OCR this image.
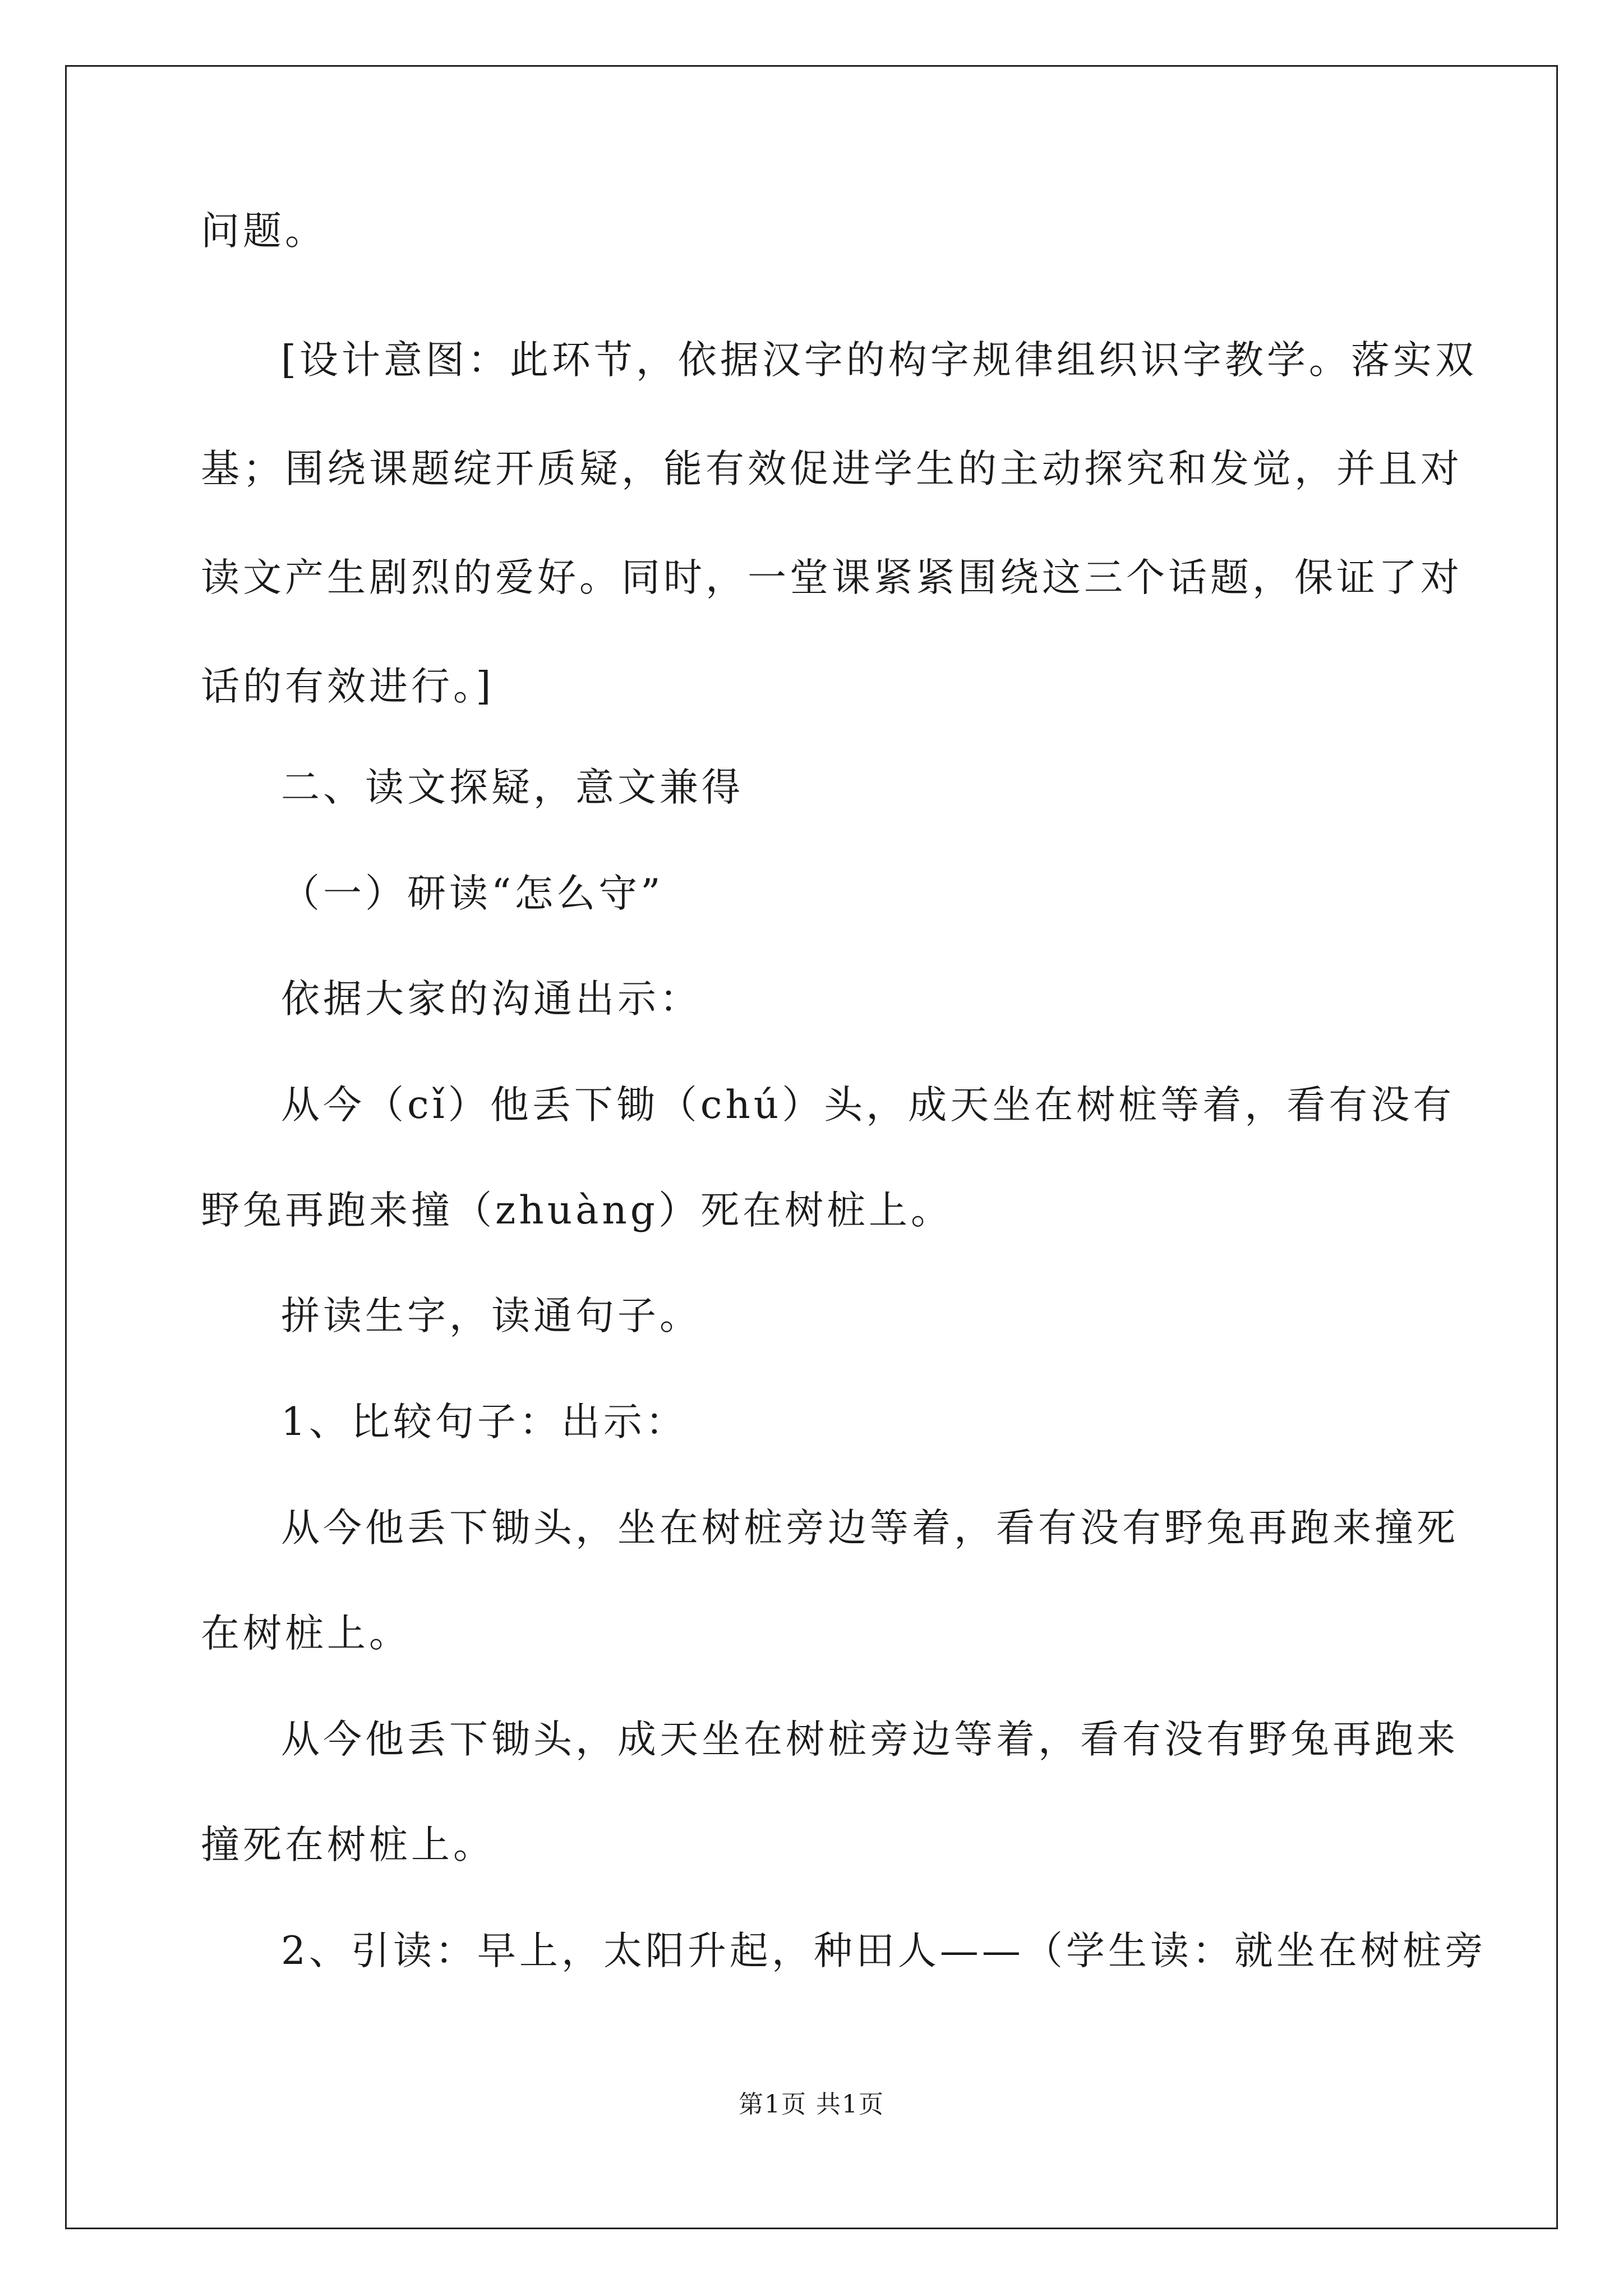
问题。
[设计意图：此环节，依据汉字的构字规律组织识字教学。落实双
基；围绕课题绽开质疑，能有效促进学生的主动探究和发觉，并且对
读文产生剧烈的爱好。同时，一堂课紧紧围绕这三个话题，保证了对
话的有效进行。]
二、读文探疑，意文兼得
（一）研读“怎么守”
依据大家的沟通出示：
从今（cǐ）他丢下锄（chú）头，成天坐在树桩等着，看有没有
野兔再跑来撞（zhuàng）死在树桩上。
拼读生字，读通句子。
1、比较句子：出示：
从今他丢下锄头，坐在树桩旁边等着，看有没有野兔再跑来撞死
在树桩上。
从今他丢下锄头，成天坐在树桩旁边等着，看有没有野兔再跑来
撞死在树桩上。
2、引读：早上，太阳升起，种田人——（学生读：就坐在树桩旁
第1页 共1页
